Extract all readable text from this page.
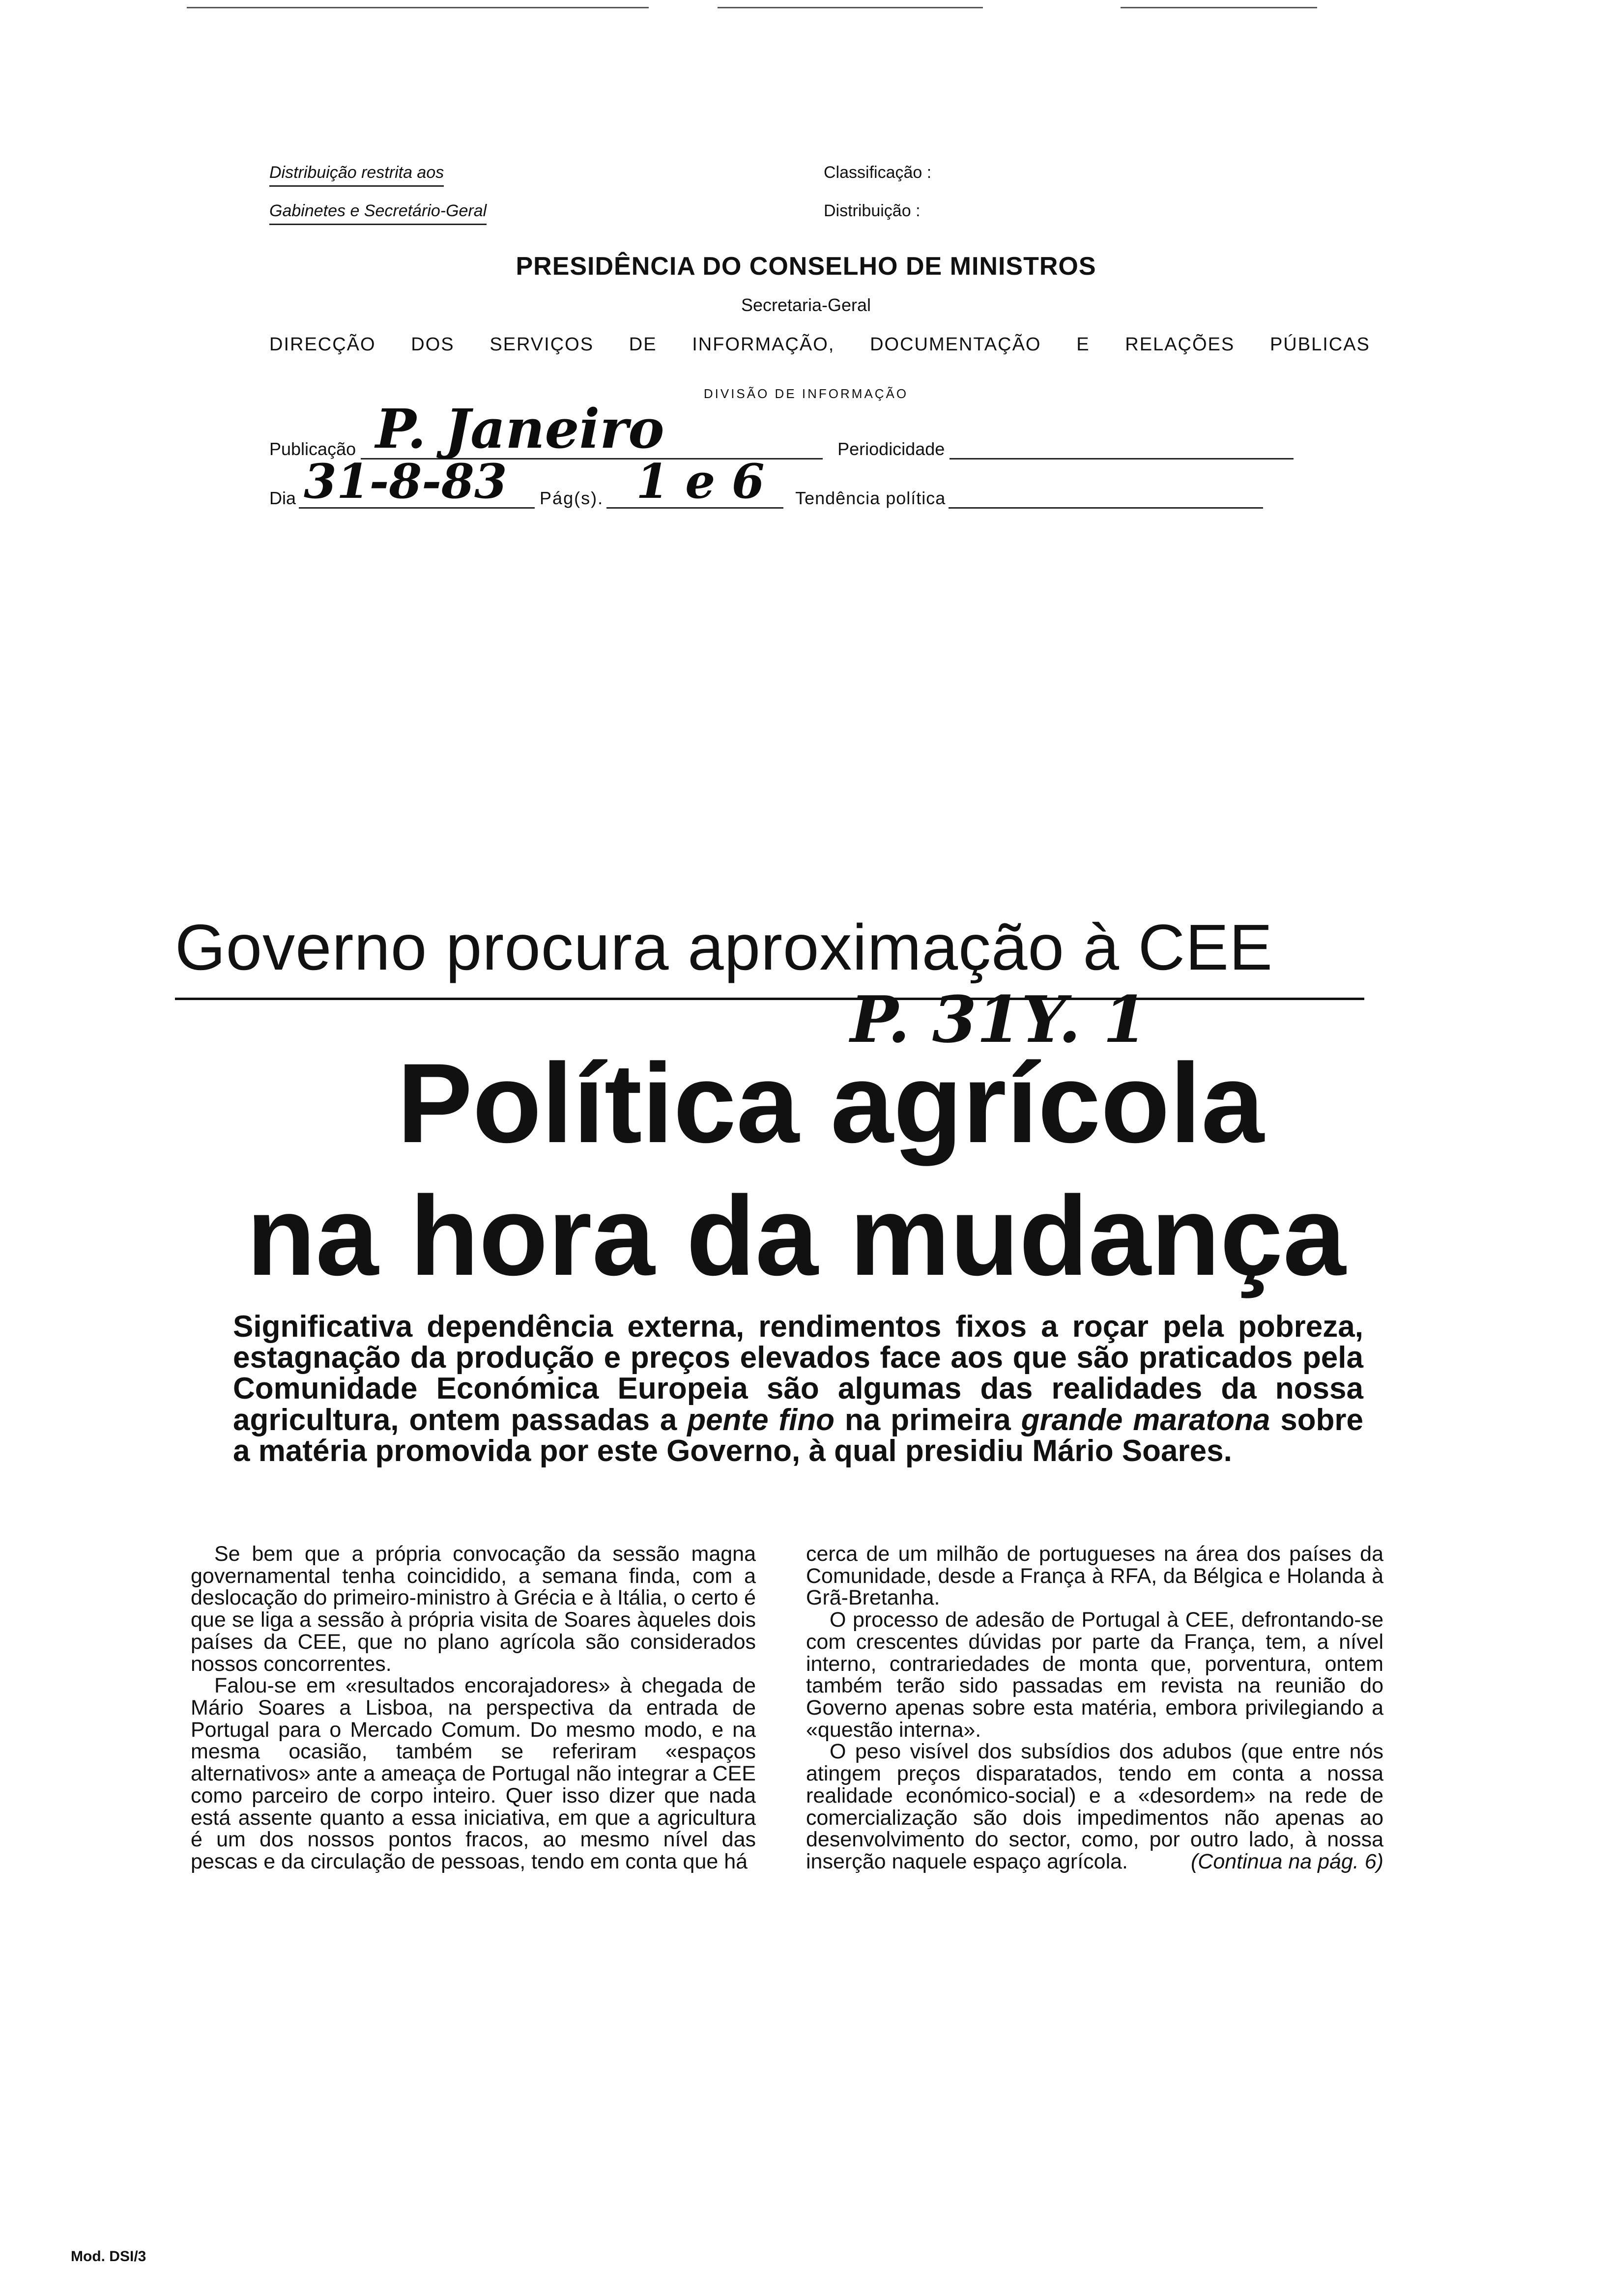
Distribuição restrita aos
Gabinetes e Secretário-Geral
Classificação :
Distribuição :
PRESIDÊNCIA DO CONSELHO DE MINISTROS
Secretaria-Geral
DIRECÇÃO DOS SERVIÇOS DE INFORMAÇÃO, DOCUMENTAÇÃO E RELAÇÕES PÚBLICAS
DIVISÃO DE INFORMAÇÃO
Publicação P. Janeiro	Periodicidade
Dia 31-8-83 Pág(s). 1 e 6 Tendência política
Governo procura aproximação à CEE
P. 31Y. 1
Política agrícola
na hora da mudança

Significativa dependência externa, rendimentos fixos a roçar pela pobreza, estagnação da produção e preços elevados face aos que são praticados pela Comunidade Económica Europeia são algumas das realidades da nossa agricultura, ontem passadas a pente fino na primeira grande maratona sobre a matéria promovida por este Governo, à qual presidiu Mário Soares.

Se bem que a própria convocação da sessão magna governamental tenha coincidido, a semana finda, com a deslocação do primeiro-ministro à Grécia e à Itália, o certo é que se liga a sessão à própria visita de Soares àqueles dois países da CEE, que no plano agrícola são considerados nossos concorrentes.

Falou-se em «resultados encorajadores» à chegada de Mário Soares a Lisboa, na perspectiva da entrada de Portugal para o Mercado Comum. Do mesmo modo, e na mesma ocasião, também se referiram «espaços alternativos» ante a ameaça de Portugal não integrar a CEE como parceiro de corpo inteiro. Quer isso dizer que nada está assente quanto a essa iniciativa, em que a agricultura é um dos nossos pontos fracos, ao mesmo nível das pescas e da circulação de pessoas, tendo em conta que há

cerca de um milhão de portugueses na área dos países da Comunidade, desde a França à RFA, da Bélgica e Holanda à Grã-Bretanha.

O processo de adesão de Portugal à CEE, defrontando-se com crescentes dúvidas por parte da França, tem, a nível interno, contrariedades de monta que, porventura, ontem também terão sido passadas em revista na reunião do Governo apenas sobre esta matéria, embora privilegiando a «questão interna».

O peso visível dos subsídios dos adubos (que entre nós atingem preços disparatados, tendo em conta a nossa realidade económico-social) e a «desordem» na rede de comercialização são dois impedimentos não apenas ao desenvolvimento do sector, como, por outro lado, à nossa inserção naquele espaço agrícola.	(Continua na pág. 6)

Mod. DSI/3
